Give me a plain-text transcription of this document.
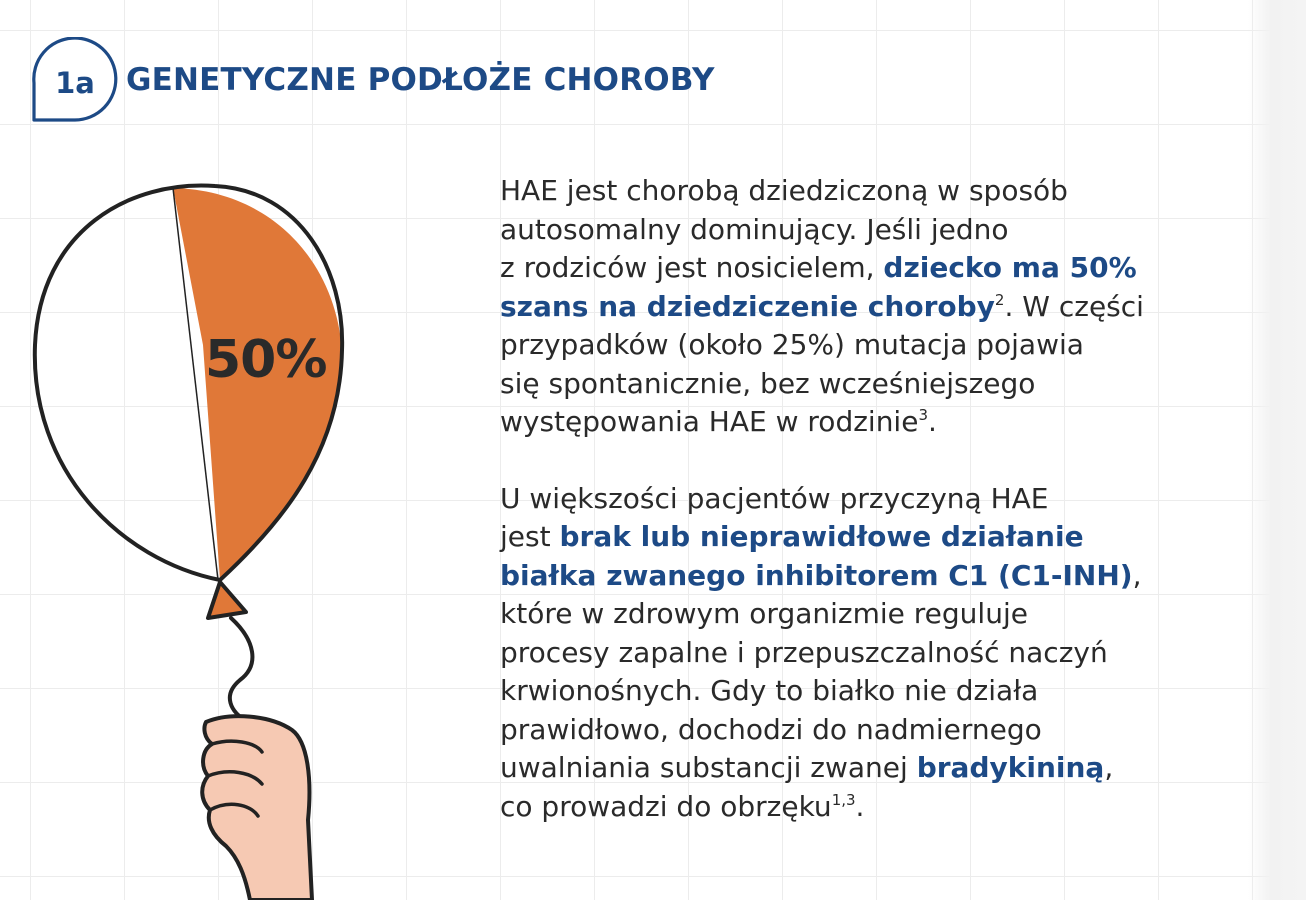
1a	GENETYCZNE PODŁOŻE CHOROBY
50%

HAE jest chorobą dziedziczoną w sposób
autosomalny dominujący. Jeśli jedno
z rodziców jest nosicielem, dziecko ma 50%
szans na dziedziczenie choroby$^2$. W części
przypadków (około 25%) mutacja pojawia
się spontanicznie, bez wcześniejszego
występowania HAE w rodzinie$^3$.

U większości pacjentów przyczyną HAE
jest brak lub nieprawidłowe działanie
białka zwanego inhibitorem C1 (C1-INH),
które w zdrowym organizmie reguluje
procesy zapalne i przepuszczalność naczyń
krwionośnych. Gdy to białko nie działa
prawidłowo, dochodzi do nadmiernego
uwalniania substancji zwanej bradykininą,
co prowadzi do obrzęku$^{1,3}$.
